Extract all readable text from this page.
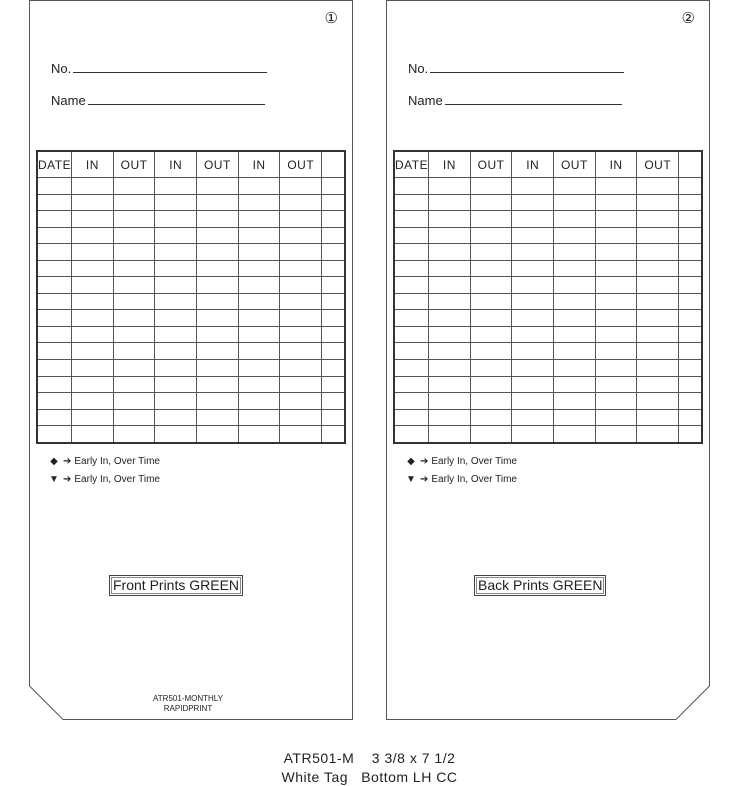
①
No.
Name
DATE	IN	OUT	IN	OUT	IN	OUT	

◆ ➔ Early In, Over Time
▼ ➔ Early In, Over Time
Front Prints GREEN
ATR501-MONTHLY
RAPIDPRINT
②
No.
Name
DATE	IN	OUT	IN	OUT	IN	OUT	

◆ ➔ Early In, Over Time
▼ ➔ Early In, Over Time
Back Prints GREEN
ATR501-M    3 3/8 x 7 1/2
White Tag   Bottom LH CC
